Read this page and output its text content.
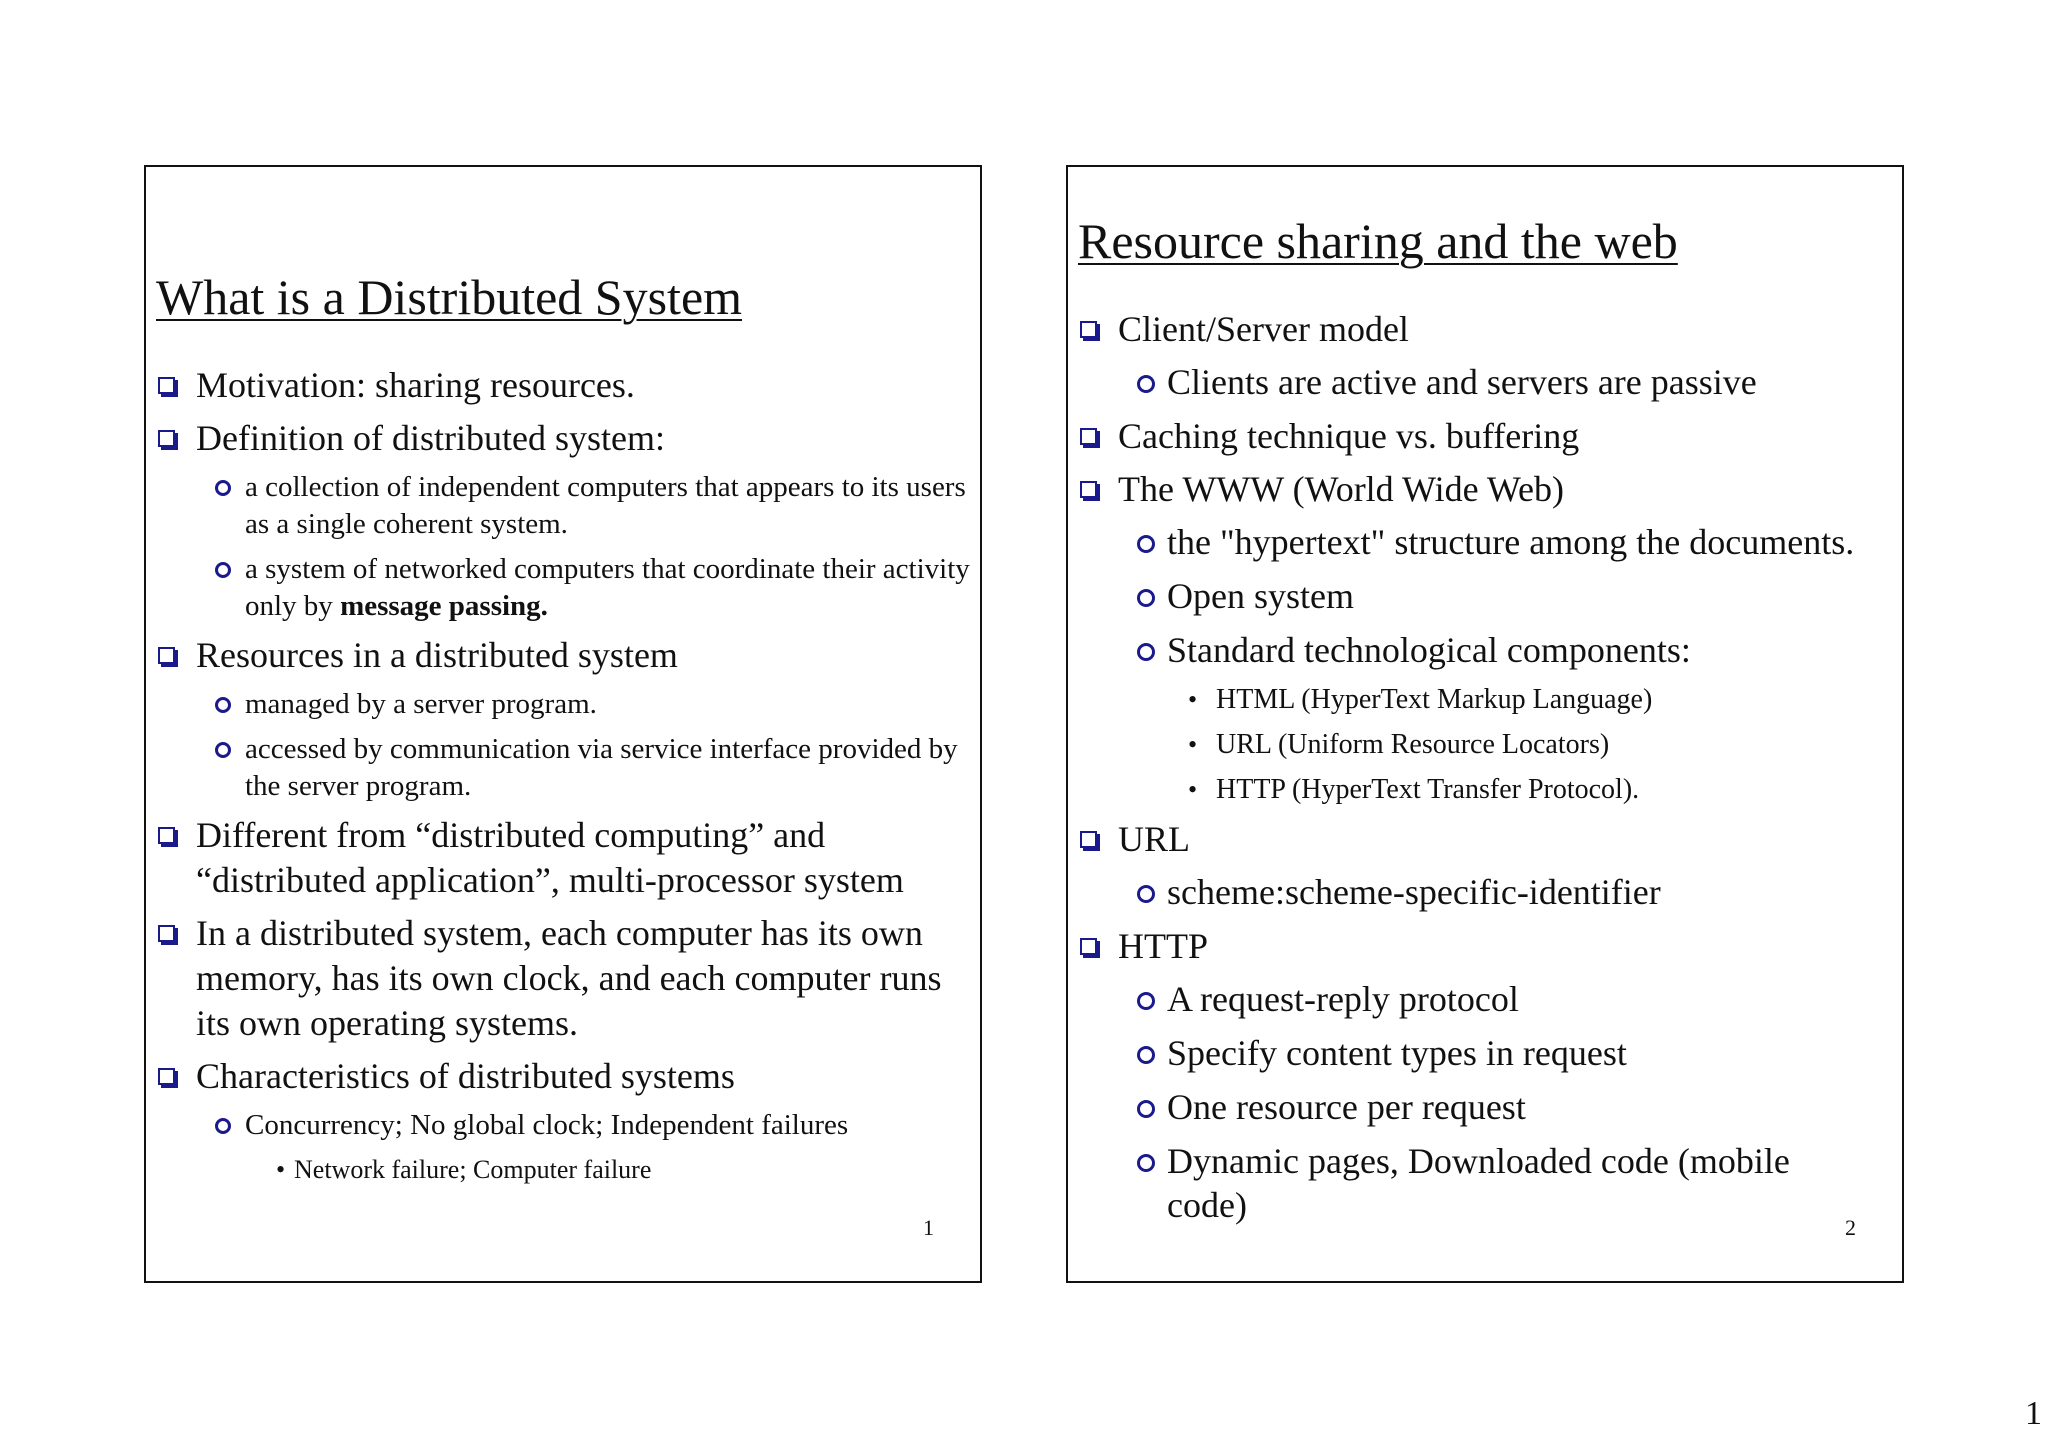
What is a Distributed System
Motivation: sharing resources.
Definition of distributed system:
a collection of independent computers that appears to its users as a single coherent system.
a system of networked computers that coordinate their activity only by message passing.
Resources in a distributed system
managed by a server program.
accessed by communication via service interface provided by the server program.
Different from “distributed computing” and “distributed application”, multi-processor system
In a distributed system, each computer has its own memory, has its own clock, and each computer runs its own operating systems.
Characteristics of distributed systems
Concurrency; No global clock; Independent failures
• Network failure; Computer failure
1
Resource sharing and the web
Client/Server model
Clients are active and servers are passive
Caching technique vs. buffering
The WWW (World Wide Web)
the "hypertext" structure among the documents.
Open system
Standard technological components:
• HTML (HyperText Markup Language)
• URL (Uniform Resource Locators)
• HTTP (HyperText Transfer Protocol).
URL
scheme:scheme-specific-identifier
HTTP
A request-reply protocol
Specify content types in request
One resource per request
Dynamic pages, Downloaded code (mobile code)
2
1
